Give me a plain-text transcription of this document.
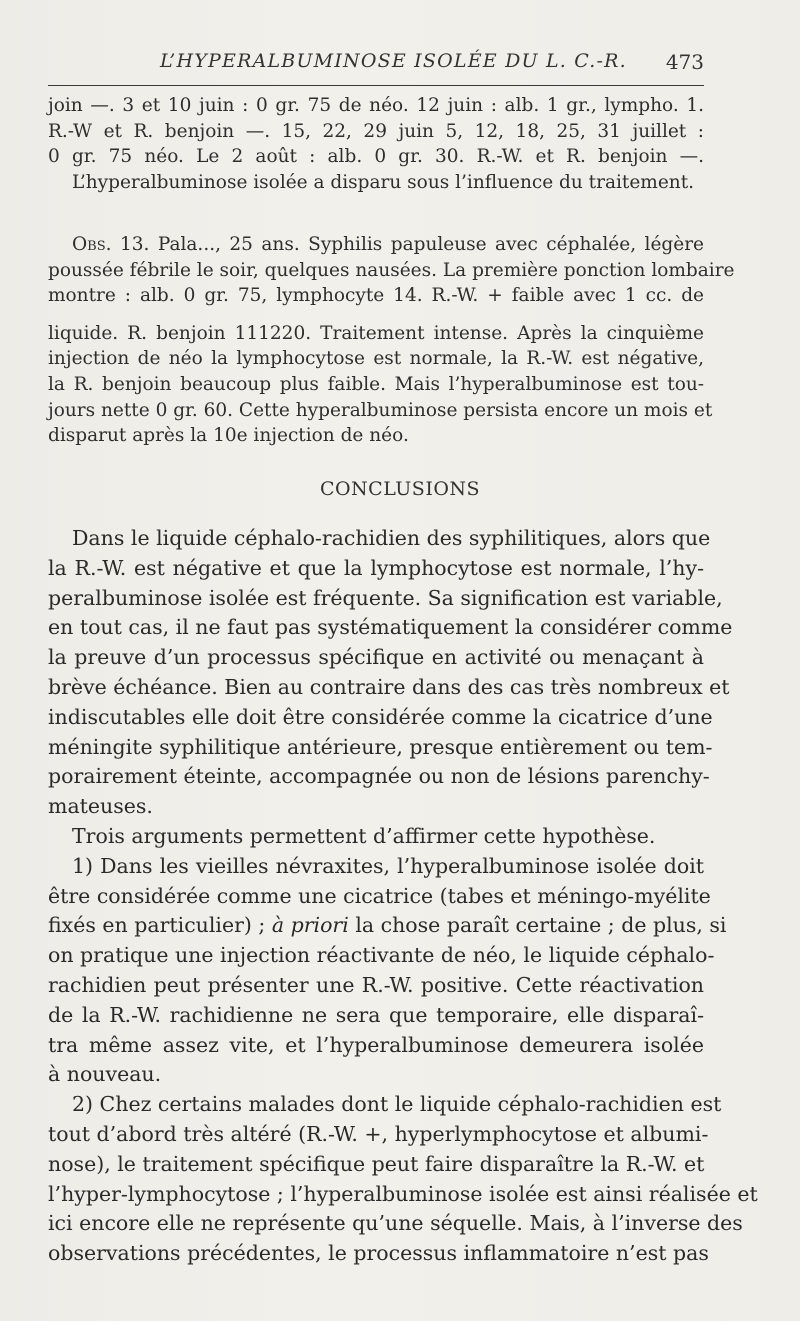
L’HYPERALBUMINOSE ISOLÉE DU L. C.-R. 473

join —. 3 et 10 juin : 0 gr. 75 de néo. 12 juin : alb. 1 gr., lympho. 1.

R.-W et R. benjoin —. 15, 22, 29 juin 5, 12, 18, 25, 31 juillet :

0 gr. 75 néo. Le 2 août : alb. 0 gr. 30. R.-W. et R. benjoin —.

L’hyperalbuminose isolée a disparu sous l’influence du traitement.

Obs. 13. Pala..., 25 ans. Syphilis papuleuse avec céphalée, légère

poussée fébrile le soir, quelques nausées. La première ponction lombaire

montre : alb. 0 gr. 75, lymphocyte 14. R.-W. + faible avec 1 cc. de

liquide. R. benjoin 111220. Traitement intense. Après la cinquième

injection de néo la lymphocytose est normale, la R.-W. est négative,

la R. benjoin beaucoup plus faible. Mais l’hyperalbuminose est tou-

jours nette 0 gr. 60. Cette hyperalbuminose persista encore un mois et

disparut après la 10e injection de néo.

CONCLUSIONS

Dans le liquide céphalo-rachidien des syphilitiques, alors que

la R.-W. est négative et que la lymphocytose est normale, l’hy-

peralbuminose isolée est fréquente. Sa signification est variable,

en tout cas, il ne faut pas systématiquement la considérer comme

la preuve d’un processus spécifique en activité ou menaçant à

brève échéance. Bien au contraire dans des cas très nombreux et

indiscutables elle doit être considérée comme la cicatrice d’une

méningite syphilitique antérieure, presque entièrement ou tem-

porairement éteinte, accompagnée ou non de lésions parenchy-

mateuses.

Trois arguments permettent d’affirmer cette hypothèse.

1) Dans les vieilles névraxites, l’hyperalbuminose isolée doit

être considérée comme une cicatrice (tabes et méningo-myélite

fixés en particulier) ; à priori la chose paraît certaine ; de plus, si

on pratique une injection réactivante de néo, le liquide céphalo-

rachidien peut présenter une R.-W. positive. Cette réactivation

de la R.-W. rachidienne ne sera que temporaire, elle disparaî-

tra même assez vite, et l’hyperalbuminose demeurera isolée

à nouveau.

2) Chez certains malades dont le liquide céphalo-rachidien est

tout d’abord très altéré (R.-W. +, hyperlymphocytose et albumi-

nose), le traitement spécifique peut faire disparaître la R.-W. et

l’hyper-lymphocytose ; l’hyperalbuminose isolée est ainsi réalisée et

ici encore elle ne représente qu’une séquelle. Mais, à l’inverse des

observations précédentes, le processus inflammatoire n’est pas
